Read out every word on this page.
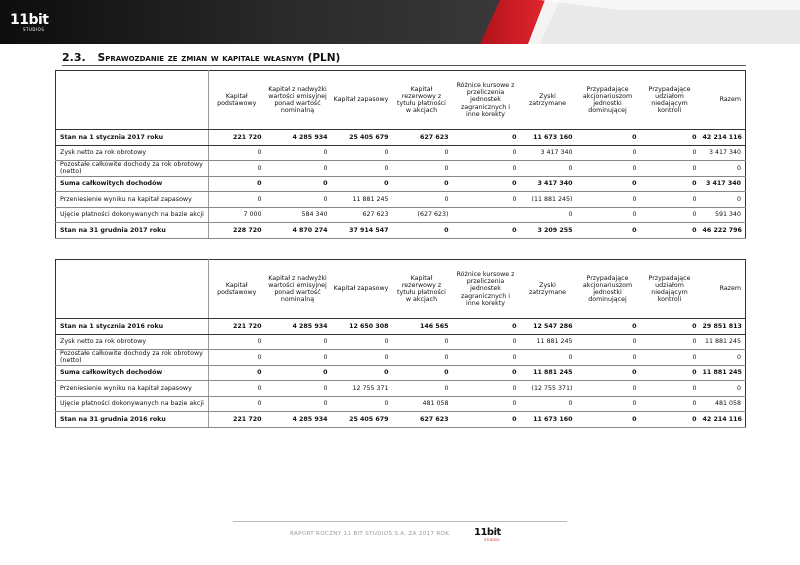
11bit
STUDIOS
2.3. Sprawozdanie ze zmian w kapitale własnym (PLN)
	Kapitał podstawowy	Kapitał z nadwyżki wartości emisyjnej ponad wartość nominalną	Kapitał zapasowy	Kapitał rezerwowy z tytułu płatności w akcjach	Różnice kursowe z przeliczenia jednostek zagranicznych i inne korekty	Zyski zatrzymane	Przypadające akcjonariuszom jednostki dominującej	Przypadające udziałom niedającym kontroli	Razem
Stan na 1 stycznia 2017 roku	221 720	4 285 934	25 405 679	627 623	0	11 673 160	0	0	42 214 116
Zysk netto za rok obrotowy	0	0	0	0	0	3 417 340	0	0	3 417 340
Pozostałe całkowite dochody za rok obrotowy (netto)	0	0	0	0	0	0	0	0	0
Suma całkowitych dochodów	0	0	0	0	0	3 417 340	0	0	3 417 340
Przeniesienie wyniku na kapitał zapasowy	0	0	11 881 245	0	0	(11 881 245)	0	0	0
Ujęcie płatności dokonywanych na bazie akcji	7 000	584 340	627 623	(627 623)		0	0	0	591 340
Stan na 31 grudnia 2017 roku	228 720	4 870 274	37 914 547	0	0	3 209 255	0	0	46 222 796
	Kapitał podstawowy	Kapitał z nadwyżki wartości emisyjnej ponad wartość nominalną	Kapitał zapasowy	Kapitał rezerwowy z tytułu płatności w akcjach	Różnice kursowe z przeliczenia jednostek zagranicznych i inne korekty	Zyski zatrzymane	Przypadające akcjonariuszom jednostki dominującej	Przypadające udziałom niedającym kontroli	Razem
Stan na 1 stycznia 2016 roku	221 720	4 285 934	12 650 308	146 565	0	12 547 286	0	0	29 851 813
Zysk netto za rok obrotowy	0	0	0	0	0	11 881 245	0	0	11 881 245
Pozostałe całkowite dochody za rok obrotowy (netto)	0	0	0	0	0	0	0	0	0
Suma całkowitych dochodów	0	0	0	0	0	11 881 245	0	0	11 881 245
Przeniesienie wyniku na kapitał zapasowy	0	0	12 755 371	0	0	(12 755 371)	0	0	0
Ujęcie płatności dokonywanych na bazie akcji	0	0	0	481 058	0	0	0	0	481 058
Stan na 31 grudnia 2016 roku	221 720	4 285 934	25 405 679	627 623	0	11 673 160	0	0	42 214 116
RAPORT ROCZNY 11 BIT STUDIOS S.A. ZA 2017 ROK 11bit
STUDIOS
